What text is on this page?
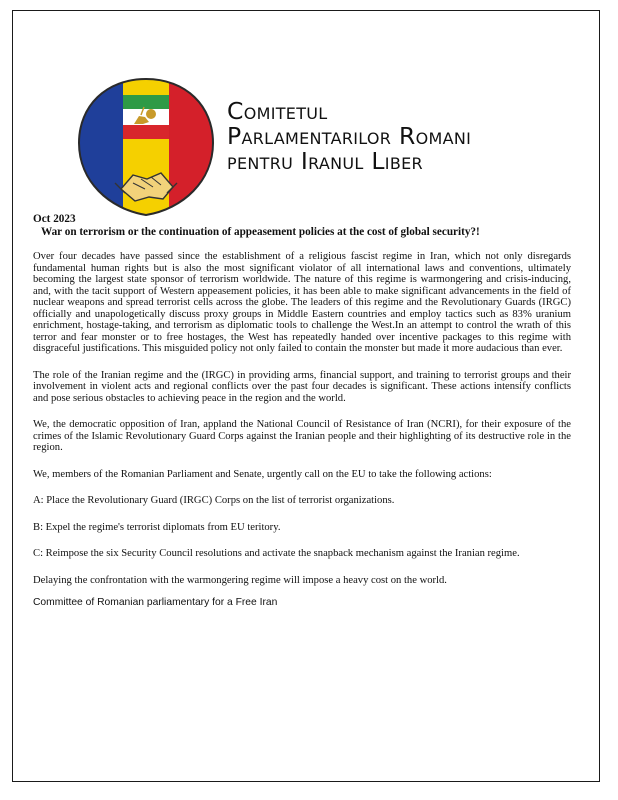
Comitetul
Parlamentarilor Romani
pentru Iranul Liber

Oct 2023

War on terrorism or the continuation of appeasement policies at the cost of global security?!

Over four decades have passed since the establishment of a religious fascist regime in Iran, which not only disregards fundamental human rights but is also the most significant violator of all international laws and conventions, ultimately becoming the largest state sponsor of terrorism worldwide. The nature of this regime is warmongering and crisis-inducing, and, with the tacit support of Western appeasement policies, it has been able to make significant advancements in the field of nuclear weapons and spread terrorist cells across the globe. The leaders of this regime and the Revolutionary Guards (IRGC) officially and unapologetically discuss proxy groups in Middle Eastern countries and employ tactics such as 83% uranium enrichment, hostage-taking, and terrorism as diplomatic tools to challenge the West.In an attempt to control the wrath of this terror and fear monster or to free hostages, the West has repeatedly handed over incentive packages to this regime with disgraceful justifications. This misguided policy not only failed to contain the monster but made it more audacious than ever.

The role of the Iranian regime and the (IRGC) in providing arms, financial support, and training to terrorist groups and their involvement in violent acts and regional conflicts over the past four decades is significant. These actions intensify conflicts and pose serious obstacles to achieving peace in the region and the world.

We, the democratic opposition of Iran, appland the National Council of Resistance of Iran (NCRI), for their exposure of the crimes of the Islamic Revolutionary Guard Corps against the Iranian people and their highlighting of its destructive role in the region.

We, members of the Romanian Parliament and Senate, urgently call on the EU to take the following actions:

A: Place the Revolutionary Guard (IRGC) Corps on the list of terrorist organizations.

B: Expel the regime's terrorist diplomats from EU teritory.

C: Reimpose the six Security Council resolutions and activate the snapback mechanism against the Iranian regime.

Delaying the confrontation with the warmongering regime will impose a heavy cost on the world.

Committee of Romanian parliamentary for a Free Iran
